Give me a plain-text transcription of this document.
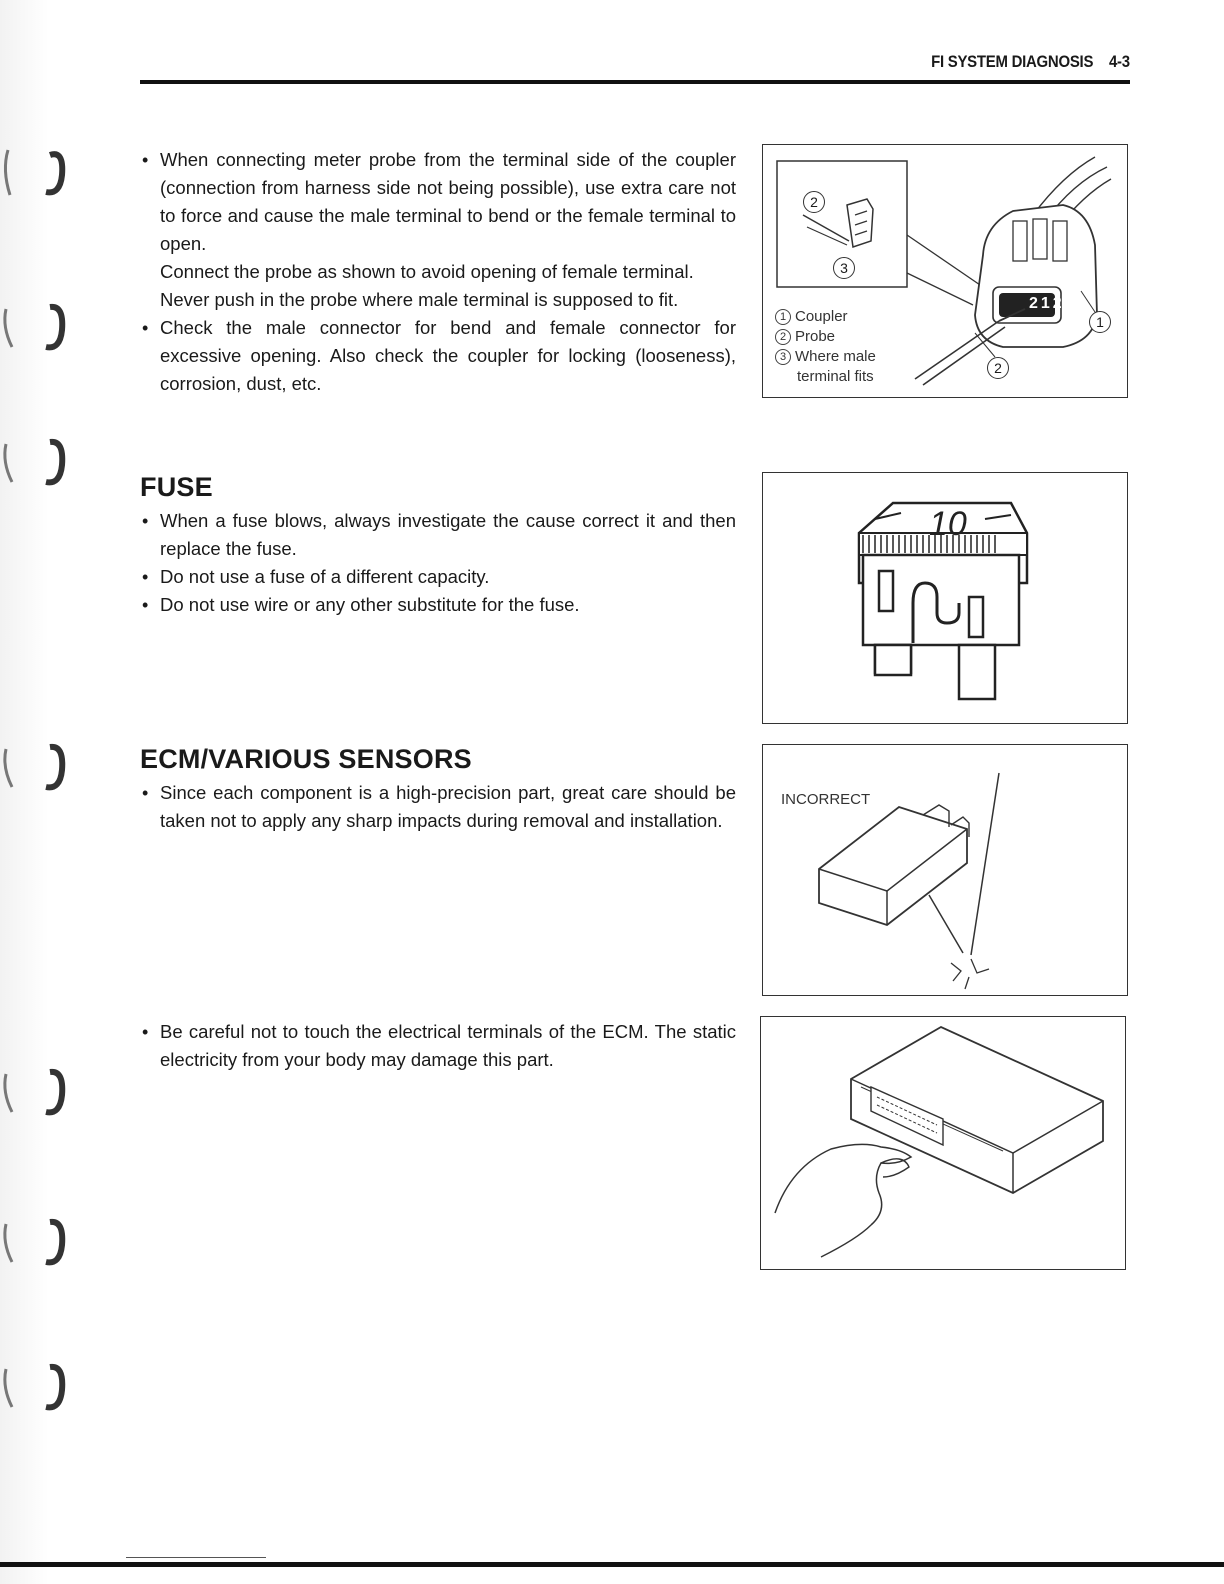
FI SYSTEM DIAGNOSIS 4-3

• When connecting meter probe from the terminal side of the coupler (connection from harness side not being possible), use extra care not to force and cause the male terminal to bend or the female terminal to open.

Connect the probe as shown to avoid opening of female terminal.

Never push in the probe where male terminal is supposed to fit.

• Check the male connector for bend and female connector for excessive opening. Also check the coupler for locking (looseness), corrosion, dust, etc.

212
2
3
1
2
1 Coupler
2 Probe
3 Where male
terminal fits
FUSE
• When a fuse blows, always investigate the cause correct it and then replace the fuse.
• Do not use a fuse of a different capacity.
• Do not use wire or any other substitute for the fuse.
10
ECM/VARIOUS SENSORS
• Since each component is a high-precision part, great care should be taken not to apply any sharp impacts during removal and installation.
INCORRECT
• Be careful not to touch the electrical terminals of the ECM. The static electricity from your body may damage this part.
